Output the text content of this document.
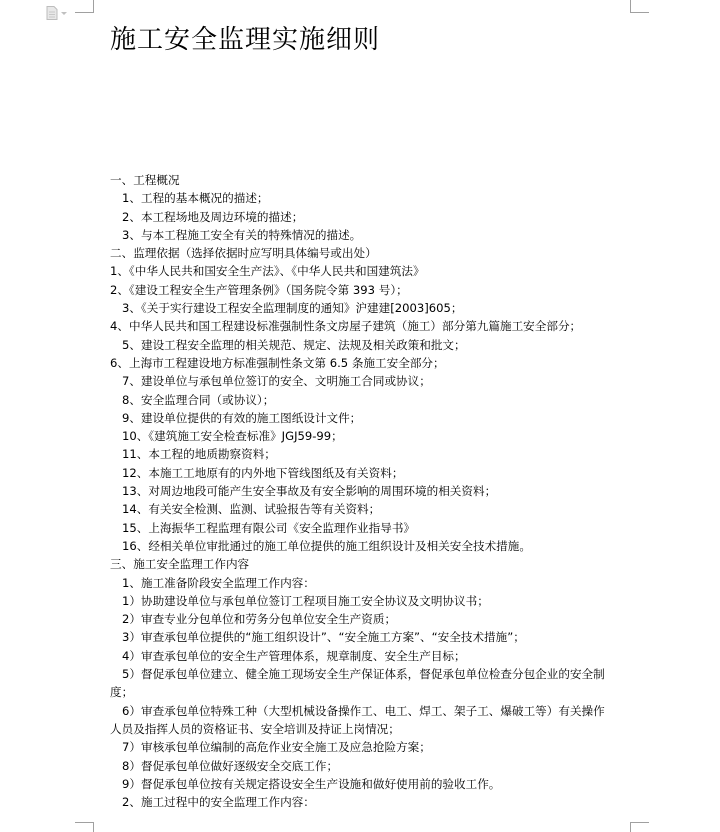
施工安全监理实施细则
一、工程概况
1、工程的基本概况的描述；
2、本工程场地及周边环境的描述；
3、与本工程施工安全有关的特殊情况的描述。
二、监理依据（选择依据时应写明具体编号或出处）
1、《中华人民共和国安全生产法》、《中华人民共和国建筑法》
2、《建设工程安全生产管理条例》（国务院令第 393 号）；
3、《关于实行建设工程安全监理制度的通知》沪建建[2003]605；
4、中华人民共和国工程建设标准强制性条文房屋子建筑（施工）部分第九篇施工安全部分；
5、建设工程安全监理的相关规范、规定、法规及相关政策和批文；
6、上海市工程建设地方标准强制性条文第 6.5 条施工安全部分；
7、建设单位与承包单位签订的安全、文明施工合同或协议；
8、安全监理合同（或协议）；
9、建设单位提供的有效的施工图纸设计文件；
10、《建筑施工安全检查标准》JGJ59-99；
11、本工程的地质勘察资料；
12、本施工工地原有的内外地下管线图纸及有关资料；
13、对周边地段可能产生安全事故及有安全影响的周围环境的相关资料；
14、有关安全检测、监测、试验报告等有关资料；
15、上海振华工程监理有限公司《安全监理作业指导书》
16、经相关单位审批通过的施工单位提供的施工组织设计及相关安全技术措施。
三、施工安全监理工作内容
1、施工准备阶段安全监理工作内容：
1）协助建设单位与承包单位签订工程项目施工安全协议及文明协议书；
2）审查专业分包单位和劳务分包单位安全生产资质；
3）审查承包单位提供的“施工组织设计”、“安全施工方案”、“安全技术措施”；
4）审查承包单位的安全生产管理体系，规章制度、安全生产目标；
5）督促承包单位建立、健全施工现场安全生产保证体系，督促承包单位检查分包企业的安全制度；
6）审查承包单位特殊工种（大型机械设备操作工、电工、焊工、架子工、爆破工等）有关操作人员及指挥人员的资格证书、安全培训及持证上岗情况；
7）审核承包单位编制的高危作业安全施工及应急抢险方案；
8）督促承包单位做好逐级安全交底工作；
9）督促承包单位按有关规定搭设安全生产设施和做好使用前的验收工作。
2、施工过程中的安全监理工作内容：
